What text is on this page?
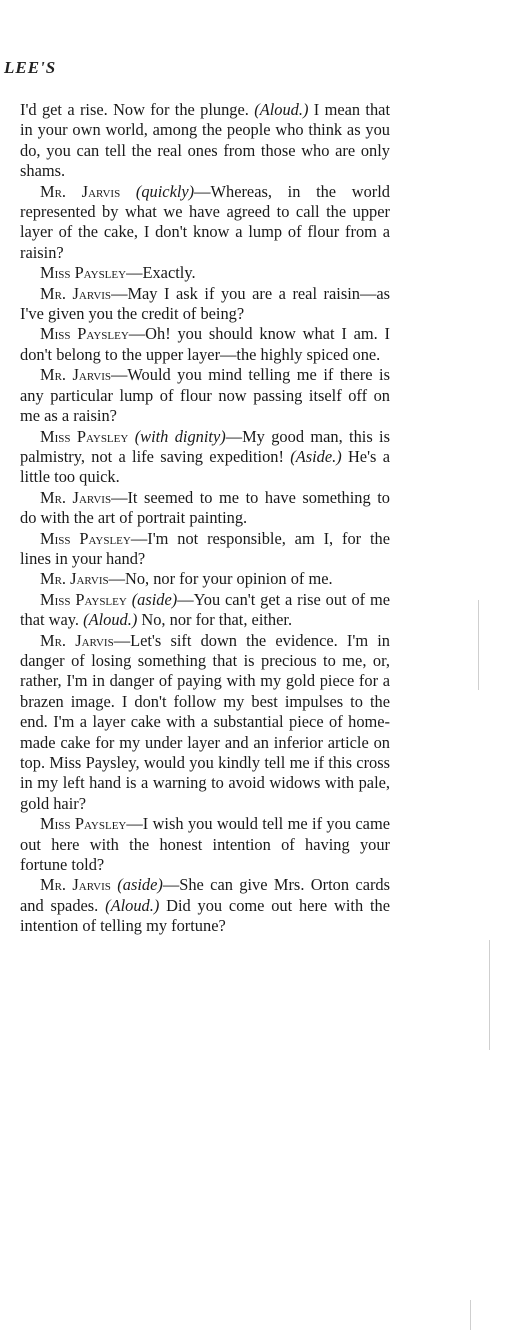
LEE'S

I'd get a rise. Now for the plunge. (Aloud.) I mean that in your own world, among the people who think as you do, you can tell the real ones from those who are only shams.

Mr. Jarvis (quickly)—Whereas, in the world represented by what we have agreed to call the upper layer of the cake, I don't know a lump of flour from a raisin?

Miss Paysley—Exactly.

Mr. Jarvis—May I ask if you are a real raisin—as I've given you the credit of being?

Miss Paysley—Oh! you should know what I am. I don't belong to the upper layer—the highly spiced one.

Mr. Jarvis—Would you mind telling me if there is any particular lump of flour now passing itself off on me as a raisin?

Miss Paysley (with dignity)—My good man, this is palmistry, not a life saving expedition! (Aside.) He's a little too quick.

Mr. Jarvis—It seemed to me to have something to do with the art of portrait painting.

Miss Paysley—I'm not responsible, am I, for the lines in your hand?

Mr. Jarvis—No, nor for your opinion of me.

Miss Paysley (aside)—You can't get a rise out of me that way. (Aloud.) No, nor for that, either.

Mr. Jarvis—Let's sift down the evidence. I'm in danger of losing something that is precious to me, or, rather, I'm in danger of paying with my gold piece for a brazen image. I don't follow my best impulses to the end. I'm a layer cake with a substantial piece of home-made cake for my under layer and an inferior article on top. Miss Paysley, would you kindly tell me if this cross in my left hand is a warning to avoid widows with pale, gold hair?

Miss Paysley—I wish you would tell me if you came out here with the honest intention of having your fortune told?

Mr. Jarvis (aside)—She can give Mrs. Orton cards and spades. (Aloud.) Did you come out here with the intention of telling my fortune?
